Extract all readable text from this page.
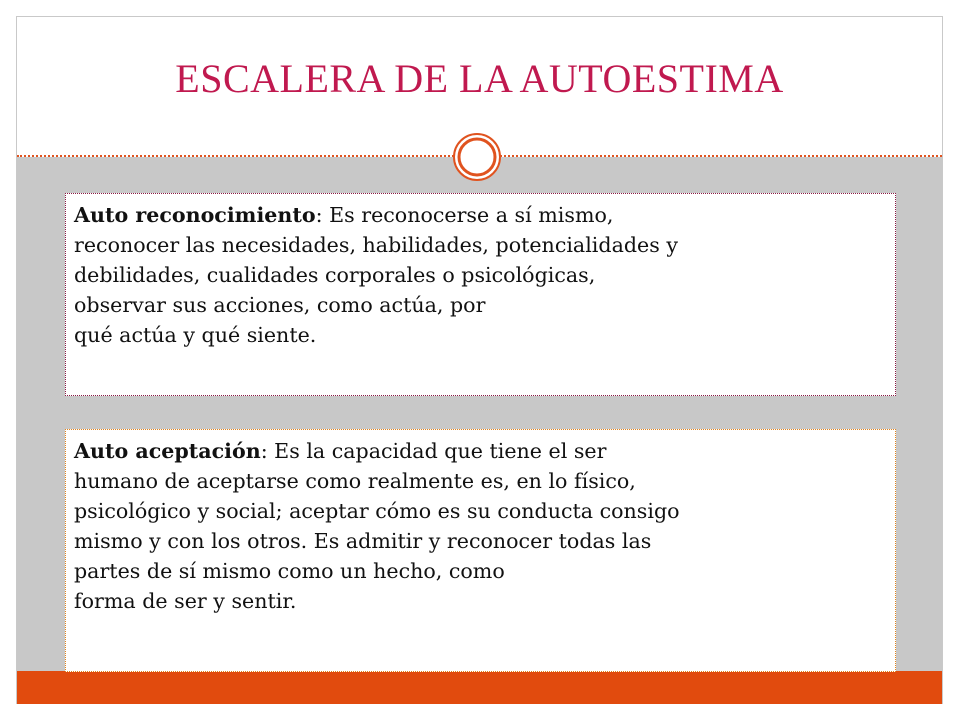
ESCALERA DE LA AUTOESTIMA
Auto reconocimiento: Es reconocerse a sí mismo,
reconocer las necesidades, habilidades, potencialidades y
debilidades, cualidades corporales o psicológicas,
observar sus acciones, como actúa, por
qué actúa y qué siente.
Auto aceptación: Es la capacidad que tiene el ser
humano de aceptarse como realmente es, en lo físico,
psicológico y social; aceptar cómo es su conducta consigo
mismo y con los otros. Es admitir y reconocer todas las
partes de sí mismo como un hecho, como
forma de ser y sentir.
